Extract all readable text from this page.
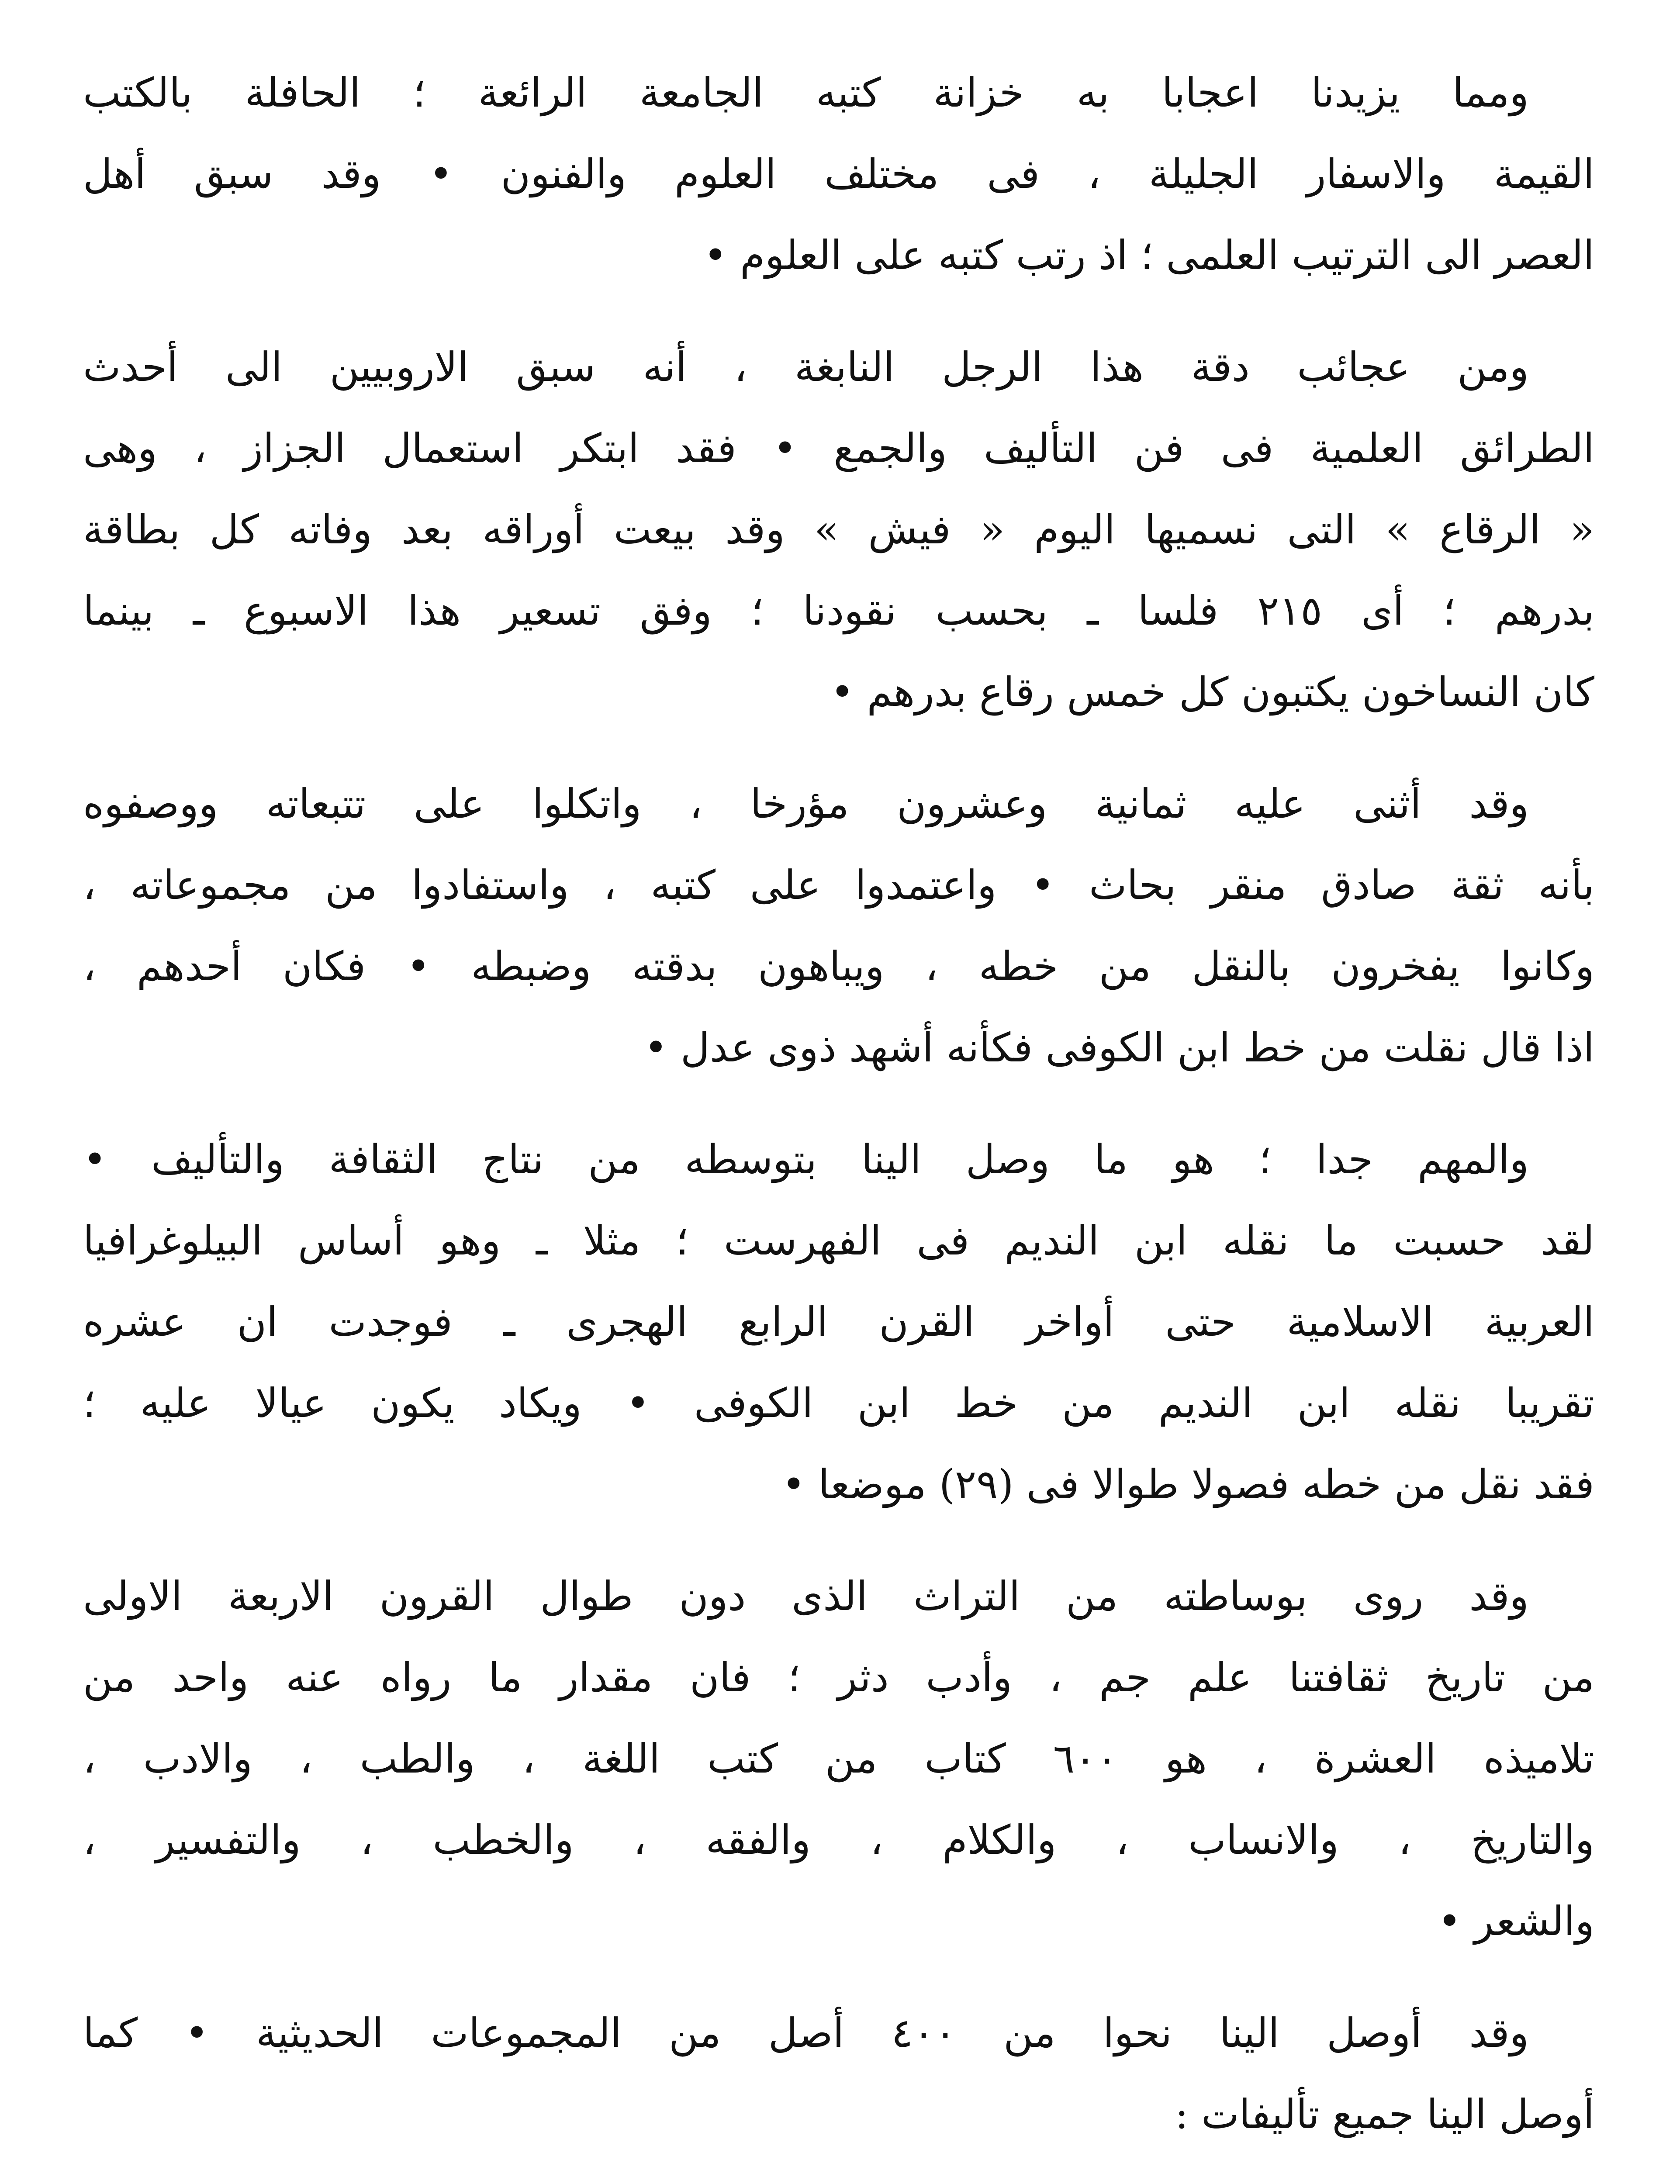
ومما يزيدنا اعجابا به خزانة كتبه الجامعة الرائعة ؛ الحافلة بالكتب
القيمة والاسفار الجليلة ، فى مختلف العلوم والفنون • وقد سبق أهل
العصر الى الترتيب العلمى ؛ اذ رتب كتبه على العلوم •
ومن عجائب دقة هذا الرجل النابغة ، أنه سبق الاروبيين الى أحدث
الطرائق العلمية فى فن التأليف والجمع • فقد ابتكر استعمال الجزاز ، وهى
« الرقاع » التى نسميها اليوم « فيش » وقد بيعت أوراقه بعد وفاته كل بطاقة
بدرهم ؛ أى ٢١٥ فلسا ـ بحسب نقودنا ؛ وفق تسعير هذا الاسبوع ـ بينما
كان النساخون يكتبون كل خمس رقاع بدرهم •
وقد أثنى عليه ثمانية وعشرون مؤرخا ، واتكلوا على تتبعاته ووصفوه
بأنه ثقة صادق منقر بحاث • واعتمدوا على كتبه ، واستفادوا من مجموعاته ،
وكانوا يفخرون بالنقل من خطه ، ويباهون بدقته وضبطه • فكان أحدهم ،
اذا قال نقلت من خط ابن الكوفى فكأنه أشهد ذوى عدل •
والمهم جدا ؛ هو ما وصل الينا بتوسطه من نتاج الثقافة والتأليف •
لقد حسبت ما نقله ابن النديم فى الفهرست ؛ مثلا ـ وهو أساس البيلوغرافيا
العربية الاسلامية حتى أواخر القرن الرابع الهجرى ـ فوجدت ان عشره
تقريبا نقله ابن النديم من خط ابن الكوفى • ويكاد يكون عيالا عليه ؛
فقد نقل من خطه فصولا طوالا فى (٢٩) موضعا •
وقد روى بوساطته من التراث الذى دون طوال القرون الاربعة الاولى
من تاريخ ثقافتنا علم جم ، وأدب دثر ؛ فان مقدار ما رواه عنه واحد من
تلاميذه العشرة ، هو ٦٠٠ كتاب من كتب اللغة ، والطب ، والادب ،
والتاريخ ، والانساب ، والكلام ، والفقه ، والخطب ، والتفسير ،
والشعر •
وقد أوصل الينا نحوا من ٤٠٠ أصل من المجموعات الحديثية • كما
أوصل الينا جميع تأليفات :
